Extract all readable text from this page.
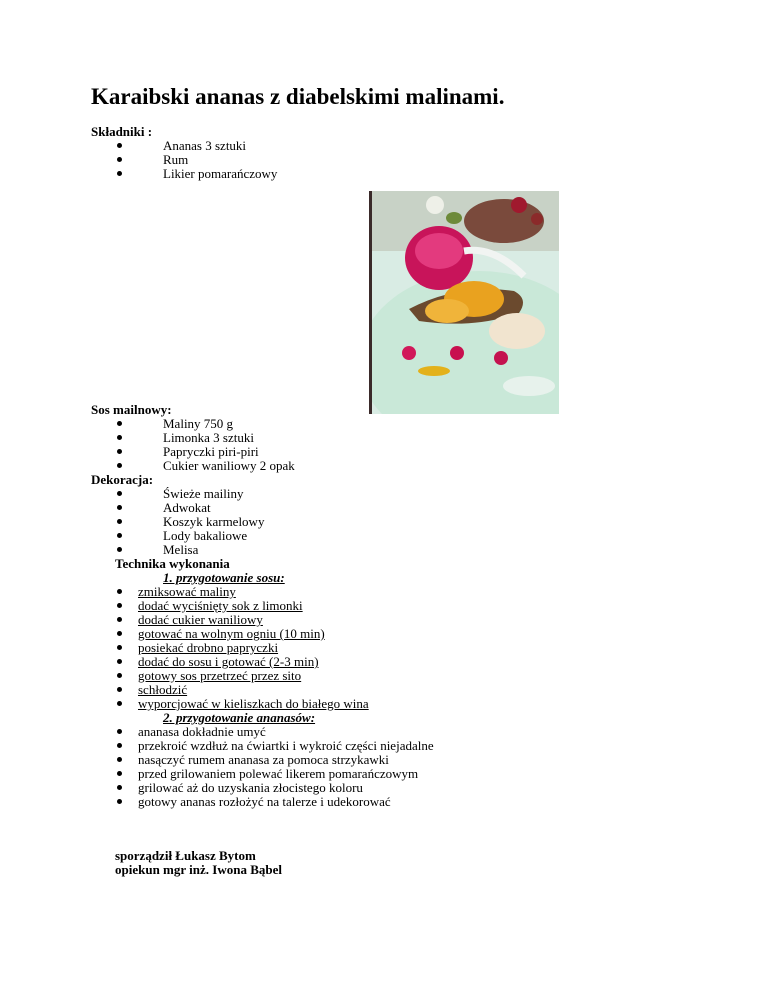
Karaibski ananas z diabelskimi malinami.
Składniki :
Ananas 3 sztuki
Rum
Likier pomarańczowy
Sos mailnowy:
Maliny 750 g
Limonka 3 sztuki
Papryczki piri-piri
Cukier waniliowy 2 opak
Dekoracja:
Świeże mailiny
Adwokat
Koszyk karmelowy
Lody bakaliowe
Melisa
Technika wykonania
1. przygotowanie sosu:
zmiksować maliny
dodać wyciśnięty sok z limonki
dodać cukier waniliowy
gotować na wolnym ogniu (10 min)
posiekać drobno papryczki
dodać do sosu i gotować (2-3 min)
gotowy sos przetrzeć przez sito
schłodzić
wyporcjować w kieliszkach do białego wina
2. przygotowanie ananasów:
ananasa dokładnie umyć
przekroić wzdłuż na ćwiartki i wykroić części niejadalne
nasączyć rumem ananasa za pomoca strzykawki
przed grilowaniem polewać likerem pomarańczowym
grilować aż do uzyskania złocistego koloru
gotowy ananas rozłożyć na talerze i udekorować
sporządził Łukasz Bytom
opiekun mgr inż. Iwona Bąbel
